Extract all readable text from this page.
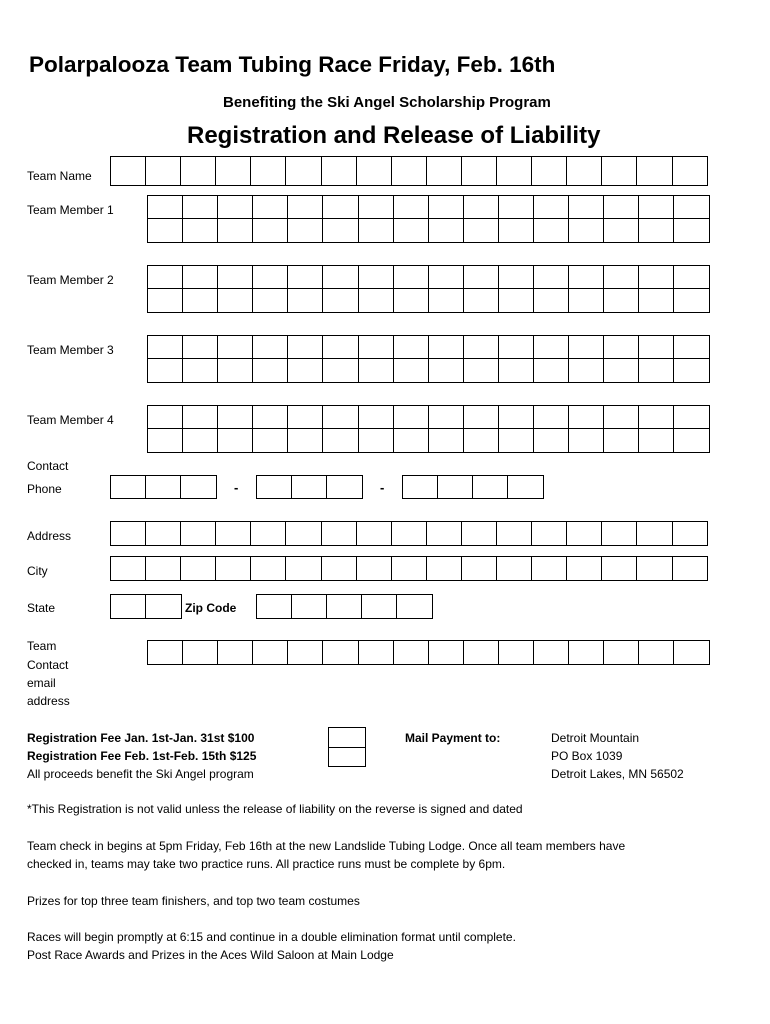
Polarpalooza Team Tubing Race Friday, Feb. 16th
Benefiting the Ski Angel Scholarship Program
Registration and Release of Liability
Team Name
Team Member 1
Team Member 2
Team Member 3
Team Member 4
Contact
Phone	-	-
Address
City
State	Zip Code
Team
Contact
email
address
Registration Fee Jan. 1st-Jan. 31st $100
Registration Fee Feb. 1st-Feb. 15th $125
All proceeds benefit the Ski Angel program
Mail Payment to:	Detroit Mountain
PO Box 1039
Detroit Lakes, MN 56502
*This Registration is not valid unless the release of liability on the reverse is signed and dated
Team check in begins at 5pm Friday, Feb 16th at the new Landslide Tubing Lodge. Once all team members have
checked in, teams may take two practice runs. All practice runs must be complete by 6pm.
Prizes for top three team finishers, and top two team costumes
Races will begin promptly at 6:15 and continue in a double elimination format until complete.
Post Race Awards and Prizes in the Aces Wild Saloon at Main Lodge
